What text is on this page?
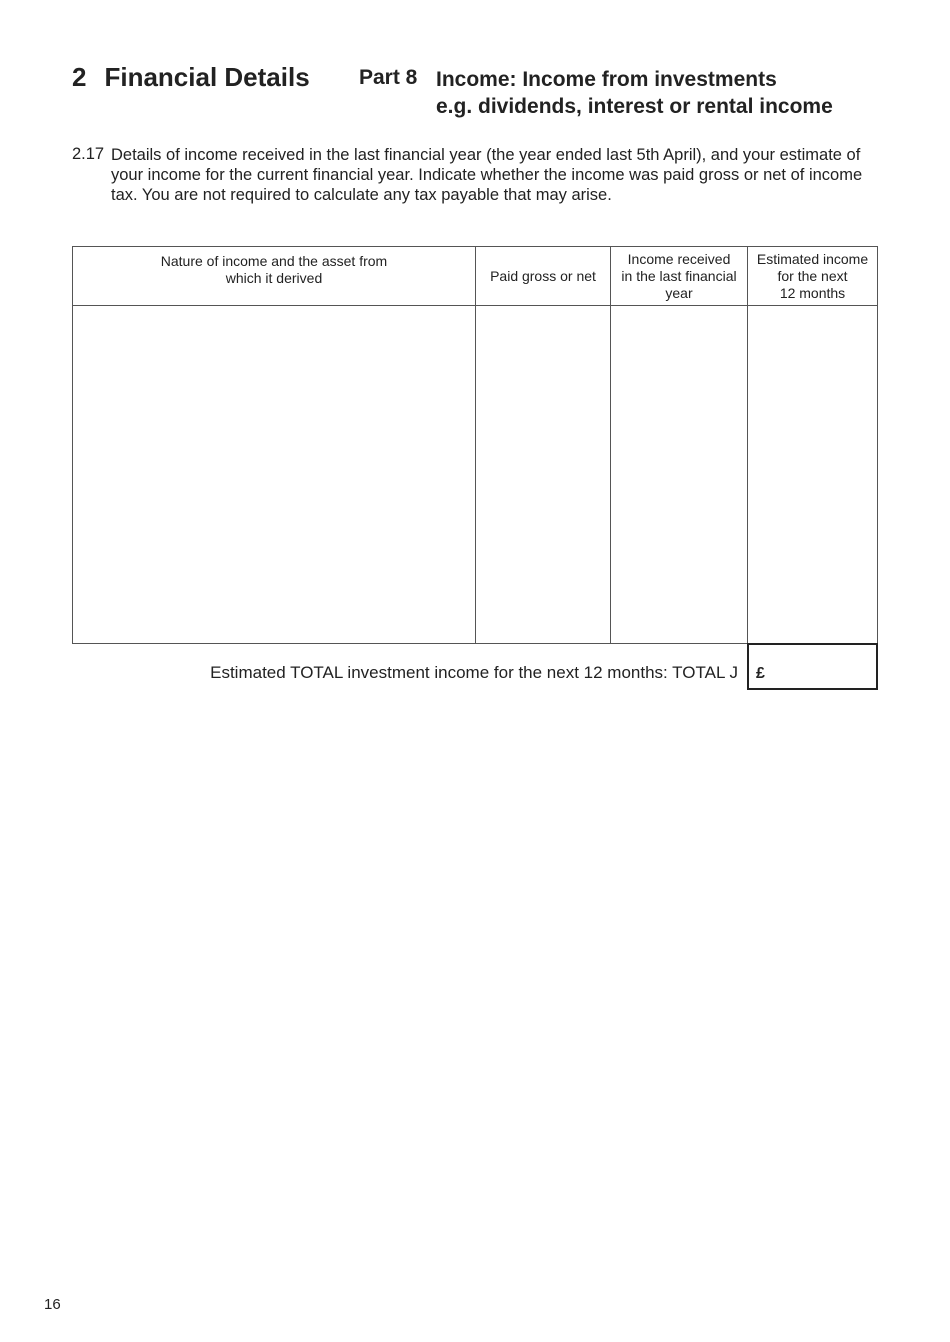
2 Financial Details Part 8 Income: Income from investments
e.g. dividends, interest or rental income
2.17 Details of income received in the last financial year (the year ended last 5th April), and your estimate of your income for the current financial year. Indicate whether the income was paid gross or net of income tax. You are not required to calculate any tax payable that may arise.
Nature of income and the asset from
which it derived	Paid gross or net
Income received
in the last financial
year
Estimated income
for the next
12 months
Estimated TOTAL investment income for the next 12 months: TOTAL J	£
16
